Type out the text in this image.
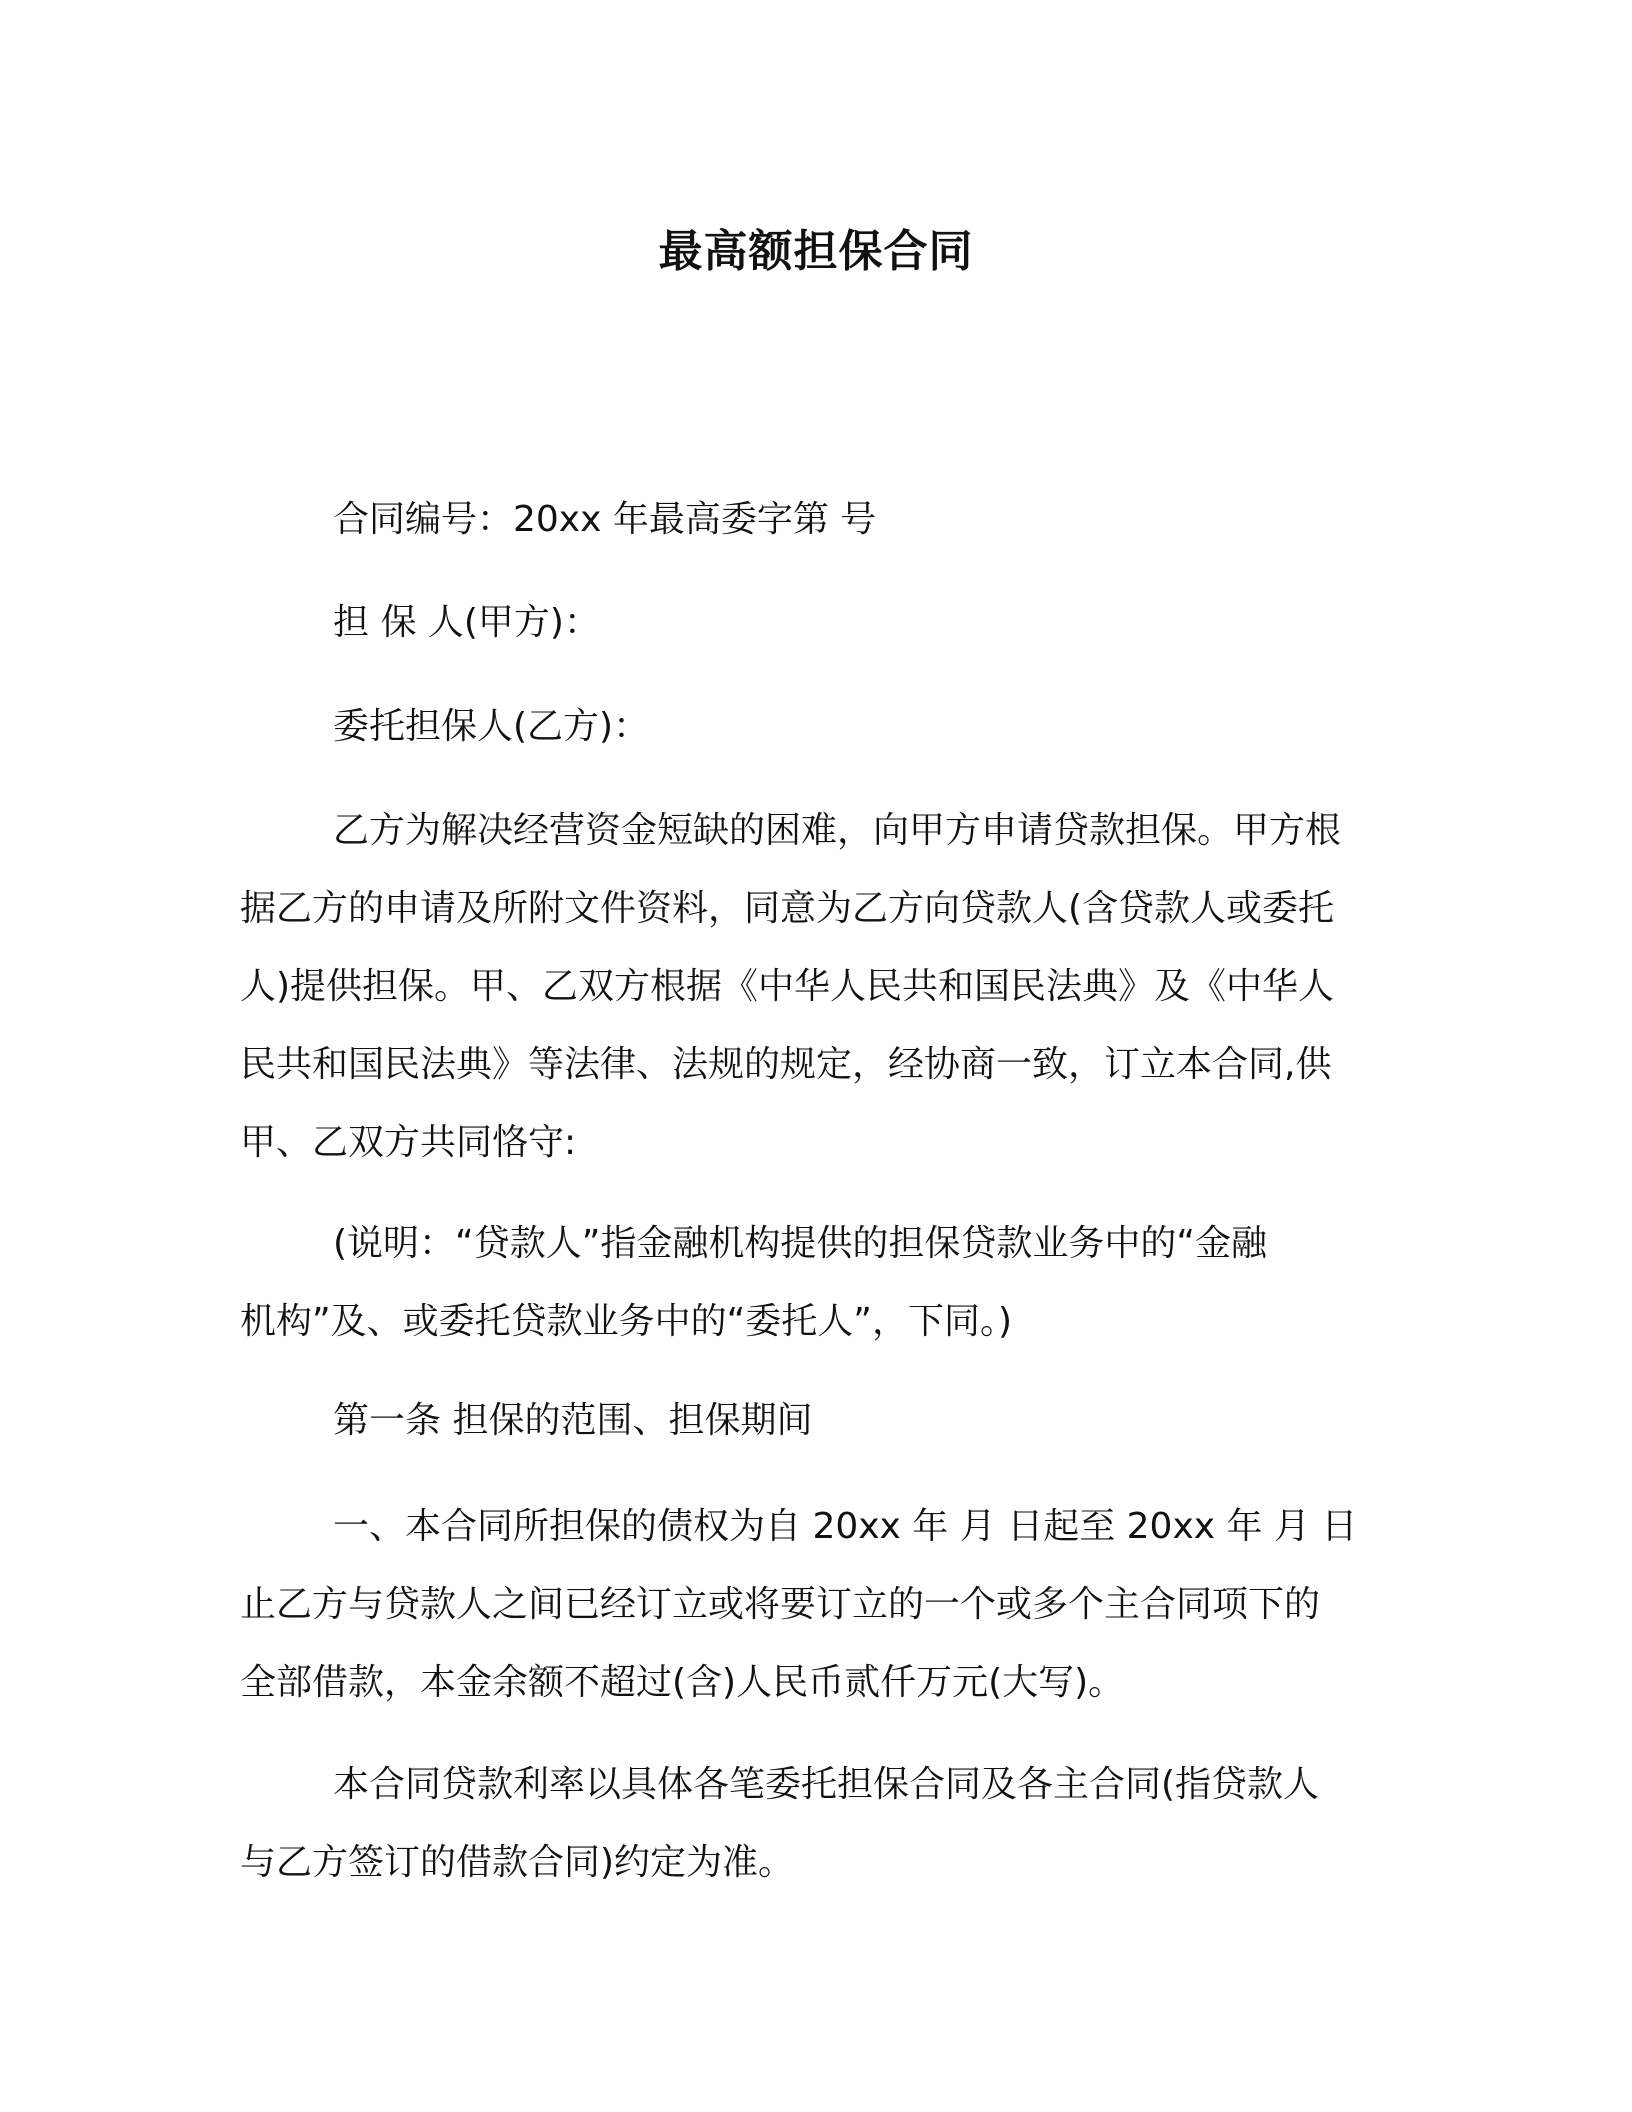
最高额担保合同
合同编号：20xx 年最高委字第 号
担 保 人(甲方)：
委托担保人(乙方)：
乙方为解决经营资金短缺的困难，向甲方申请贷款担保。甲方根
据乙方的申请及所附文件资料，同意为乙方向贷款人(含贷款人或委托
人)提供担保。甲、乙双方根据《中华人民共和国民法典》及《中华人
民共和国民法典》等法律、法规的规定，经协商一致，订立本合同,供
甲、乙双方共同恪守:
(说明：“贷款人”指金融机构提供的担保贷款业务中的“金融
机构”及、或委托贷款业务中的“委托人”，下同。)
第一条 担保的范围、担保期间
一、本合同所担保的债权为自 20xx 年 月 日起至 20xx 年 月 日
止乙方与贷款人之间已经订立或将要订立的一个或多个主合同项下的
全部借款，本金余额不超过(含)人民币贰仟万元(大写)。
本合同贷款利率以具体各笔委托担保合同及各主合同(指贷款人
与乙方签订的借款合同)约定为准。
